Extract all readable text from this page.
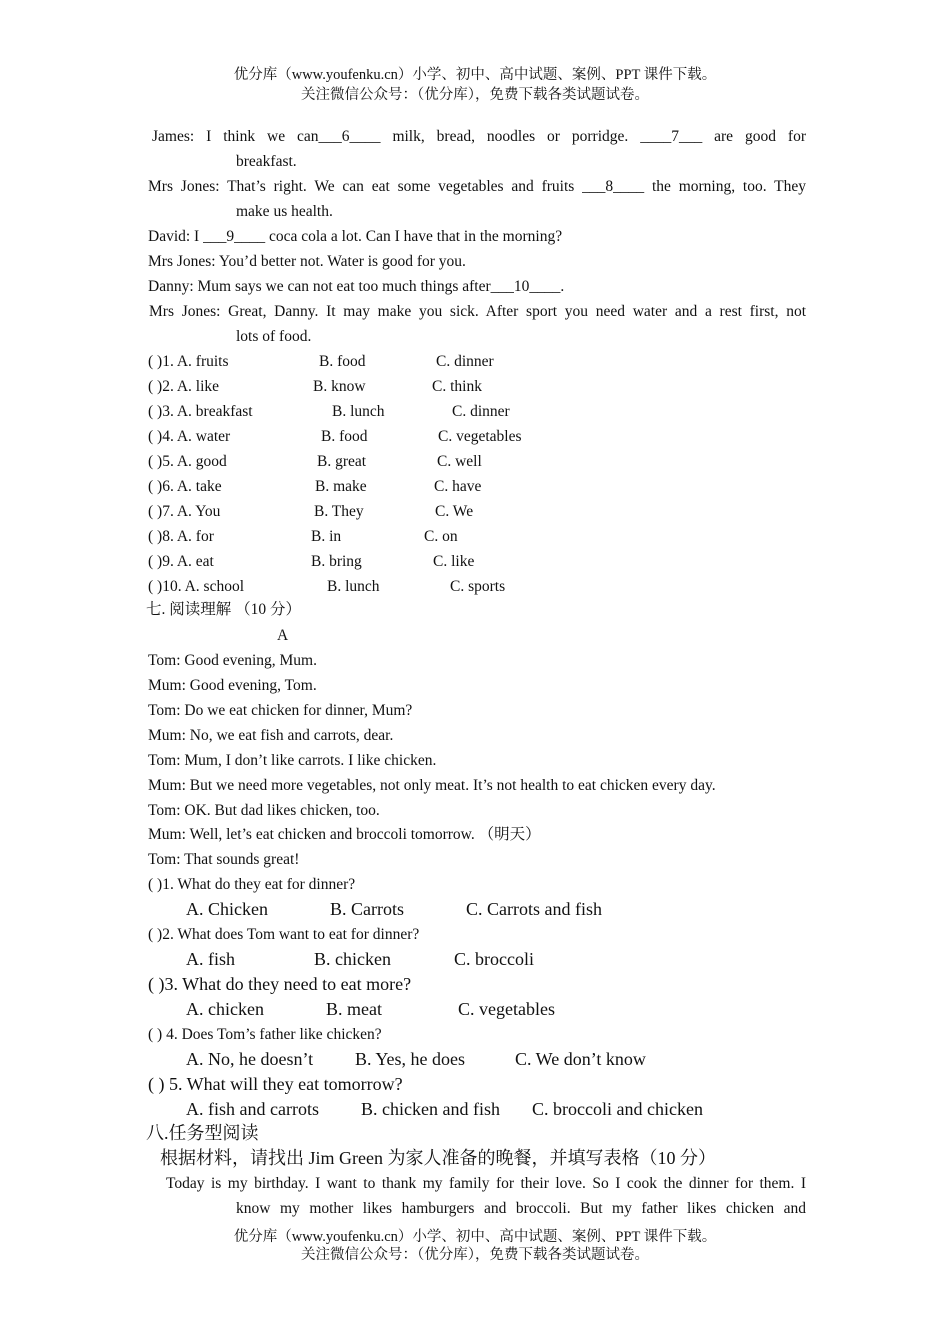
优分库（www.youfenku.cn）小学、初中、高中试题、案例、PPT 课件下载。
关注微信公众号：（优分库），免费下载各类试题试卷。
James: I think we can___6____ milk, bread, noodles or porridge. ____7___ are good for
breakfast.
Mrs Jones: That’s right. We can eat some vegetables and fruits ___8____ the morning, too. They
make us health.
David: I ___9____ coca cola a lot. Can I have that in the morning?
Mrs Jones: You’d better not. Water is good for you.
Danny: Mum says we can not eat too much things after___10____.
Mrs Jones: Great, Danny. It may make you sick. After sport you need water and a rest first, not
lots of food.
( )1. A. fruits	B. food	C. dinner
( )2. A. like	B. know	C. think
( )3. A. breakfast	B. lunch	C. dinner
( )4. A. water	B. food	C. vegetables
( )5. A. good	B. great	C. well
( )6. A. take	B. make	C. have
( )7. A. You	B. They	C. We
( )8. A. for	B. in	C. on
( )9. A. eat	B. bring	C. like
( )10. A. school	B. lunch	C. sports
七. 阅读理解 （10 分）
A
Tom: Good evening, Mum.
Mum: Good evening, Tom.
Tom: Do we eat chicken for dinner, Mum?
Mum: No, we eat fish and carrots, dear.
Tom: Mum, I don’t like carrots. I like chicken.
Mum: But we need more vegetables, not only meat. It’s not health to eat chicken every day.
Tom: OK. But dad likes chicken, too.
Mum: Well, let’s eat chicken and broccoli tomorrow. （明天）
Tom: That sounds great!
( )1. What do they eat for dinner?
A. Chicken	B. Carrots	C. Carrots and fish
( )2. What does Tom want to eat for dinner?
A. fish	B. chicken	C. broccoli
( )3. What do they need to eat more?
A. chicken	B. meat	C. vegetables
( ) 4. Does Tom’s father like chicken?
A. No, he doesn’t B. Yes, he does	C. We don’t know
( ) 5. What will they eat tomorrow?
A. fish and carrots B. chicken and fish C. broccoli and chicken
八.任务型阅读
根据材料，请找出 Jim Green 为家人准备的晚餐，并填写表格（10 分）
Today is my birthday. I want to thank my family for their love. So I cook the dinner for them. I
know my mother likes hamburgers and broccoli. But my father likes chicken and
优分库（www.youfenku.cn）小学、初中、高中试题、案例、PPT 课件下载。
关注微信公众号：（优分库），免费下载各类试题试卷。
